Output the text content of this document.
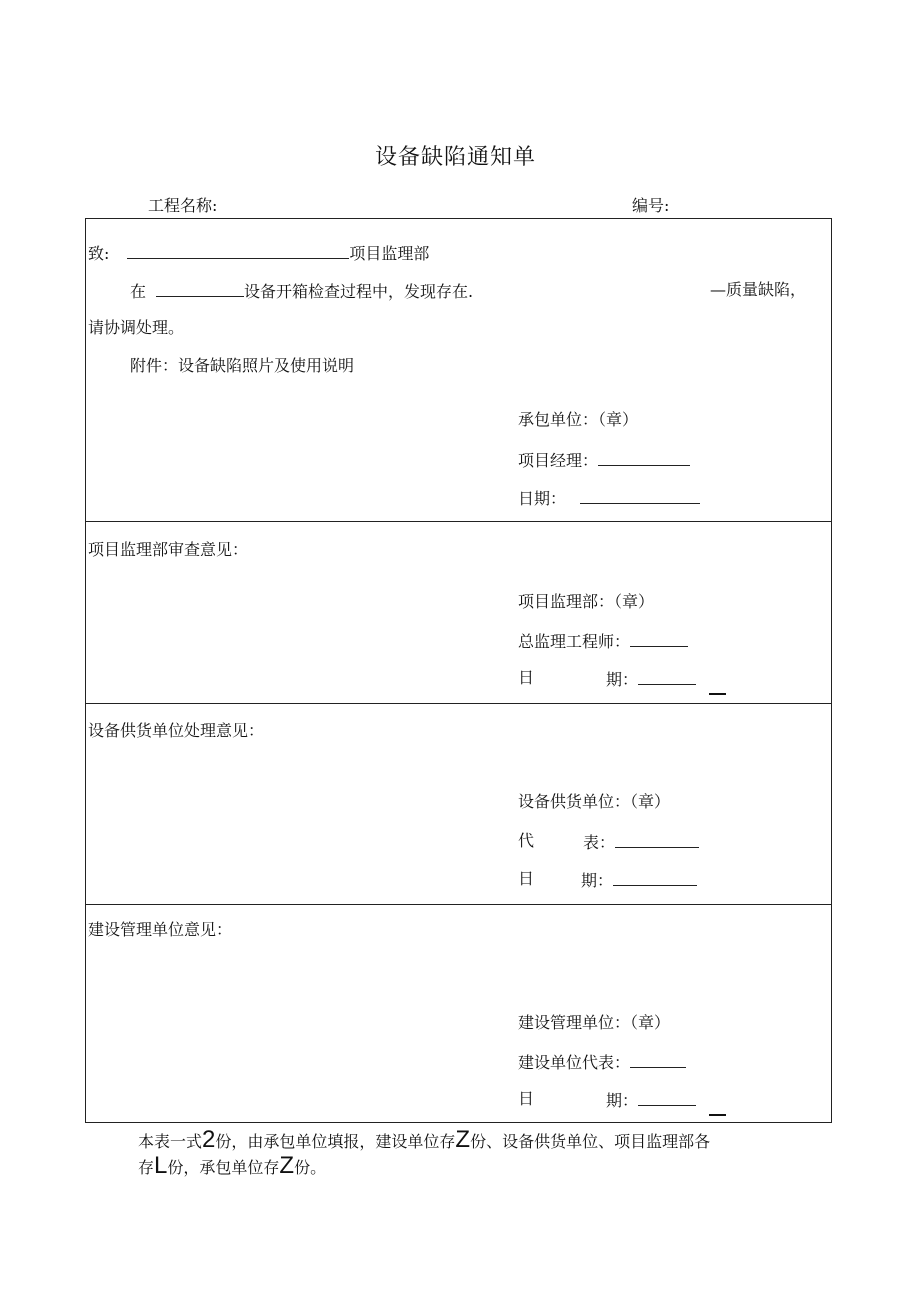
设备缺陷通知单
工程名称:	编号:
致:	项目监理部
在	设备开箱检查过程中，发现存在.	—质量缺陷，
请协调处理。
附件：设备缺陷照片及使用说明
承包单位：（章）
项目经理：
日期：
项目监理部审查意见：
项目监理部：（章）
总监理工程师：
日	期：
设备供货单位处理意见：
设备供货单位：（章）
代	表：
日	期：
建设管理单位意见：
建设管理单位：（章）
建设单位代表：
日	期：
本表一式2份，由承包单位填报，建设单位存Z份、设备供货单位、项目监理部各
存L份，承包单位存Z份。
